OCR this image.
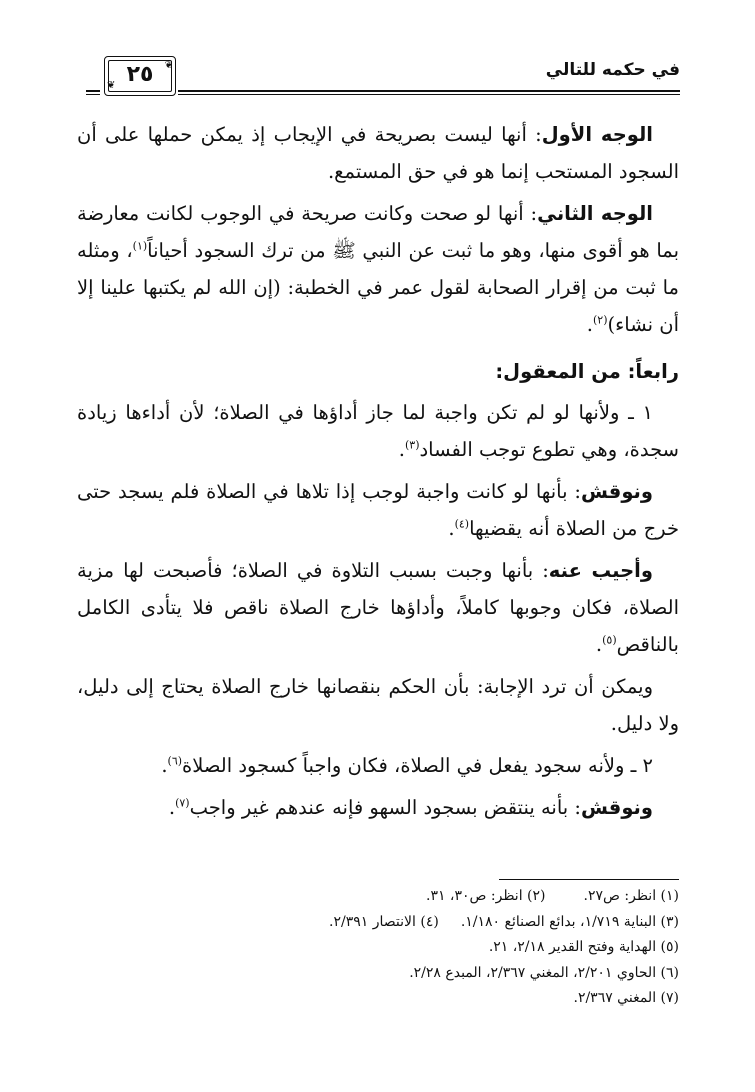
في حكمه للتالي
❦
❦ ٢٥

الوجه الأول: أنها ليست بصريحة في الإيجاب إذ يمكن حملها على أن السجود المستحب إنما هو في حق المستمع.

الوجه الثاني: أنها لو صحت وكانت صريحة في الوجوب لكانت معارضة بما هو أقوى منها، وهو ما ثبت عن النبي ﷺ من ترك السجود أحياناً$^{(١)}$، ومثله ما ثبت من إقرار الصحابة لقول عمر في الخطبة: (إن الله لم يكتبها علينا إلا أن نشاء)$^{(٢)}$.

رابعاً: من المعقول:

١ ـ ولأنها لو لم تكن واجبة لما جاز أداؤها في الصلاة؛ لأن أداءها زيادة سجدة، وهي تطوع توجب الفساد$^{(٣)}$.

ونوقش: بأنها لو كانت واجبة لوجب إذا تلاها في الصلاة فلم يسجد حتى خرج من الصلاة أنه يقضيها$^{(٤)}$.

وأجيب عنه: بأنها وجبت بسبب التلاوة في الصلاة؛ فأصبحت لها مزية الصلاة، فكان وجوبها كاملاً، وأداؤها خارج الصلاة ناقص فلا يتأدى الكامل بالناقص$^{(٥)}$.

ويمكن أن ترد الإجابة: بأن الحكم بنقصانها خارج الصلاة يحتاج إلى دليل، ولا دليل.

٢ ـ ولأنه سجود يفعل في الصلاة، فكان واجباً كسجود الصلاة$^{(٦)}$.

ونوقش: بأنه ينتقض بسجود السهو فإنه عندهم غير واجب$^{(٧)}$.

(١) انظر: ص٢٧.(٢) انظر: ص٣٠، ٣١.
(٣) البناية ١/٧١٩، بدائع الصنائع ١/١٨٠.(٤) الانتصار ٢/٣٩١.
(٥) الهداية وفتح القدير ٢/١٨، ٢١.
(٦) الحاوي ٢/٢٠١، المغني ٢/٣٦٧، المبدع ٢/٢٨.
(٧) المغني ٢/٣٦٧.
